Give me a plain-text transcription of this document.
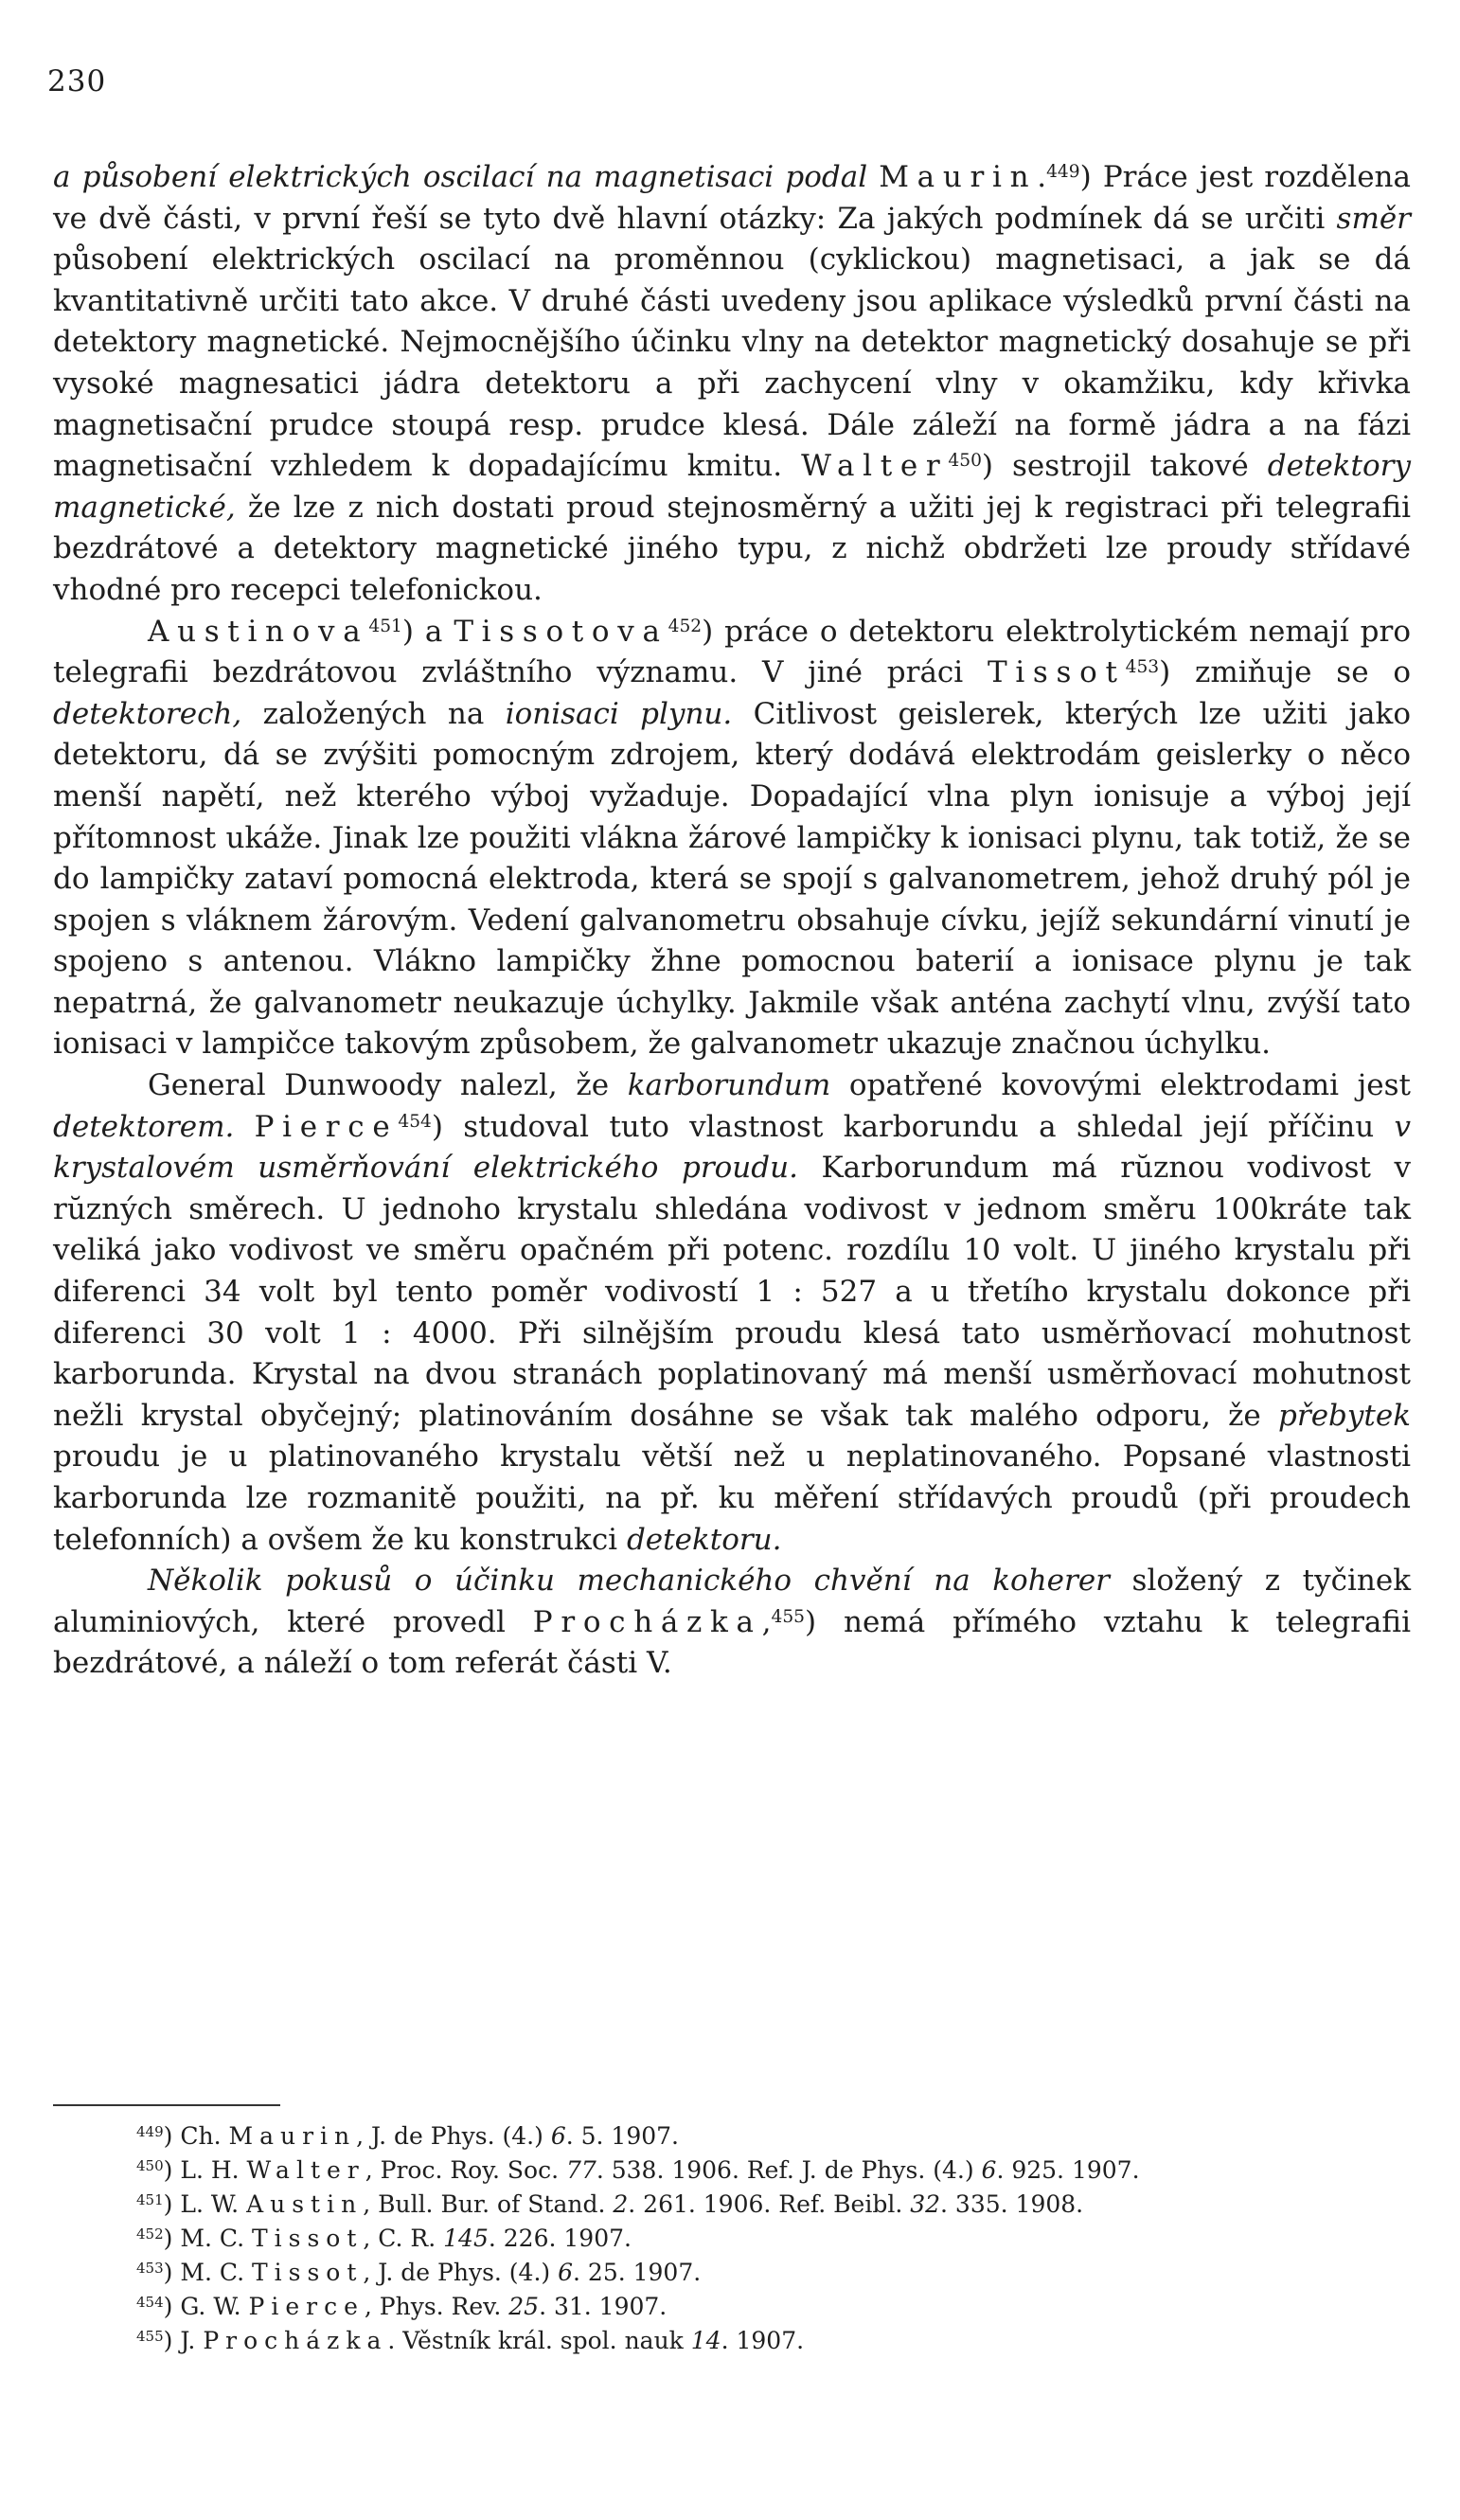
230

a působení elektrických oscilací na magnetisaci podal Maurin.$^{449}$) Práce jest rozdělena ve dvě části, v první řeší se tyto dvě hlavní otázky: Za jakých podmínek dá se určiti směr působení elektrických oscilací na proměnnou (cyklickou) magnetisaci, a jak se dá kvantitativně určiti tato akce. V druhé části uvedeny jsou aplikace výsledků první části na detektory magnetické. Nejmocnějšího účinku vlny na detektor magnetický dosahuje se při vysoké magnesatici jádra detektoru a při zachycení vlny v okamžiku, kdy křivka magnetisační prudce stoupá resp. prudce klesá. Dále záleží na formě jádra a na fázi magnetisační vzhledem k dopadajícímu kmitu. Walter$^{450}$) sestrojil takové detektory magnetické, že lze z nich dostati proud stejnosměrný a užiti jej k registraci při telegrafii bezdrátové a detektory magnetické jiného typu, z nichž obdržeti lze proudy střídavé vhodné pro recepci telefonickou.

Austinova$^{451}$) a Tissotova$^{452}$) práce o detektoru elektrolytickém nemají pro telegrafii bezdrátovou zvláštního významu. V jiné práci Tissot$^{453}$) zmiňuje se o detektorech, založených na ionisaci plynu. Citlivost geislerek, kterých lze užiti jako detektoru, dá se zvýšiti pomocným zdrojem, který dodává elektrodám geislerky o něco menší napětí, než kterého výboj vyžaduje. Dopadající vlna plyn ionisuje a výboj její přítomnost ukáže. Jinak lze použiti vlákna žárové lampičky k ionisaci plynu, tak totiž, že se do lampičky zataví pomocná elektroda, která se spojí s galvanometrem, jehož druhý pól je spojen s vláknem žárovým. Vedení galvanometru obsahuje cívku, jejíž sekundární vinutí je spojeno s antenou. Vlákno lampičky žhne pomocnou baterií a ionisace plynu je tak nepatrná, že galvanometr neukazuje úchylky. Jakmile však anténa zachytí vlnu, zvýší tato ionisaci v lampičce takovým způsobem, že galvanometr ukazuje značnou úchylku.

General Dunwoody nalezl, že karborundum opatřené kovovými elektrodami jest detektorem. Pierce$^{454}$) studoval tuto vlastnost karborundu a shledal její příčinu v krystalovém usměrňování elektrického proudu. Karborundum má rŭznou vodivost v rŭzných směrech. U jednoho krystalu shledána vodivost v jednom směru 100kráte tak veliká jako vodivost ve směru opačném při potenc. rozdílu 10 volt. U jiného krystalu při diferenci 34 volt byl tento poměr vodivostí 1 : 527 a u třetího krystalu dokonce při diferenci 30 volt 1 : 4000. Při silnějším proudu klesá tato usměrňovací mohutnost karborunda. Krystal na dvou stranách poplatinovaný má menší usměrňovací mohutnost nežli krystal obyčejný; platinováním dosáhne se však tak malého odporu, že přebytek proudu je u platinovaného krystalu větší než u neplatinovaného. Popsané vlastnosti karborunda lze rozmanitě použiti, na př. ku měření střídavých proudů (při proudech telefonních) a ovšem že ku konstrukci detektoru.

Několik pokusů o účinku mechanického chvění na koherer složený z tyčinek aluminiových, které provedl Procházka,$^{455}$) nemá přímého vztahu k telegrafii bezdrátové, a náleží o tom referát části V.

$^{449}$) Ch. Maurin, J. de Phys. (4.) 6. 5. 1907.

$^{450}$) L. H. Walter, Proc. Roy. Soc. 77. 538. 1906. Ref. J. de Phys. (4.) 6. 925. 1907.

$^{451}$) L. W. Austin, Bull. Bur. of Stand. 2. 261. 1906. Ref. Beibl. 32. 335. 1908.

$^{452}$) M. C. Tissot, C. R. 145. 226. 1907.

$^{453}$) M. C. Tissot, J. de Phys. (4.) 6. 25. 1907.

$^{454}$) G. W. Pierce, Phys. Rev. 25. 31. 1907.

$^{455}$) J. Procházka. Věstník král. spol. nauk 14. 1907.
